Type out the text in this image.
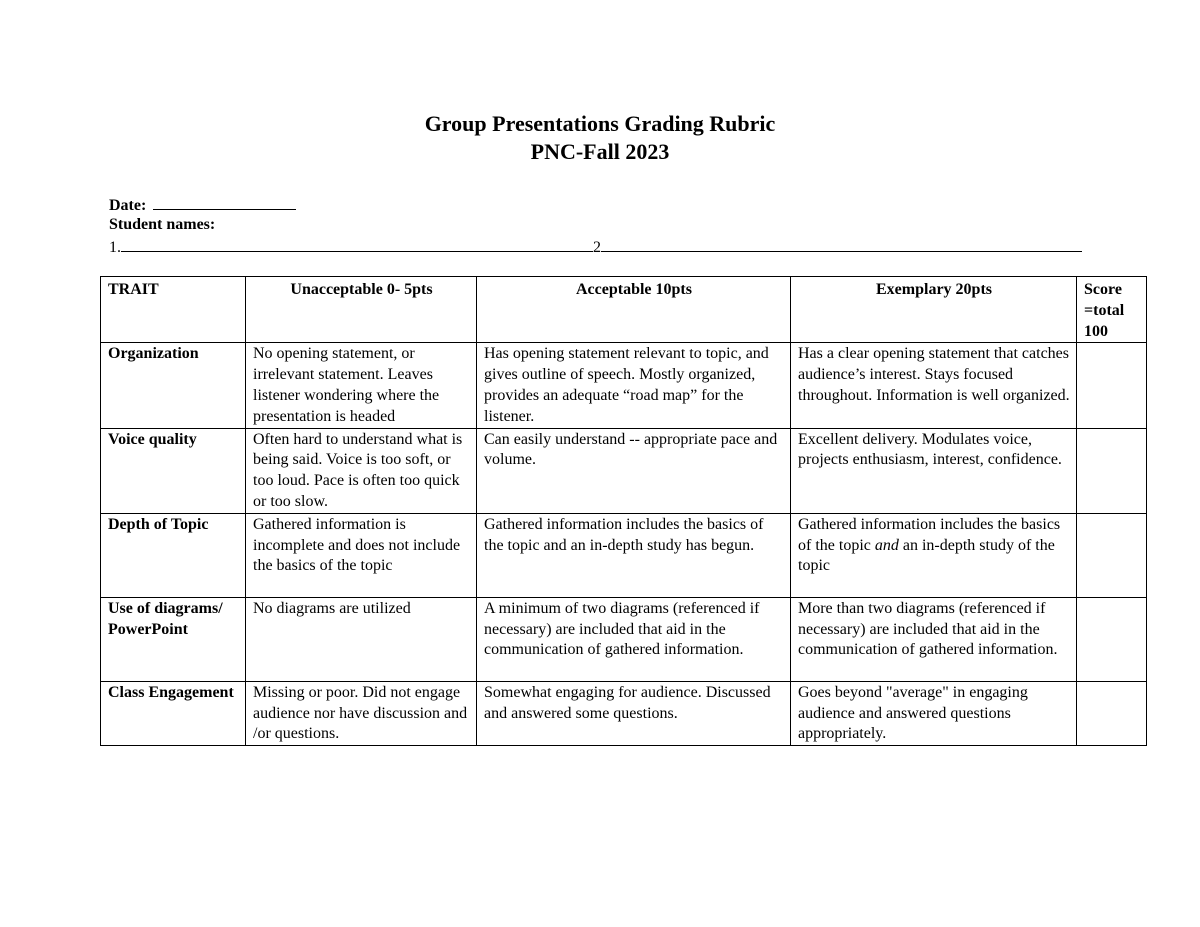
Group Presentations Grading Rubric
PNC-Fall 2023
Date:
Student names:
1.	2
TRAIT	Unacceptable 0- 5pts	Acceptable 10pts	Exemplary 20pts	Score =total 100
Organization	No opening statement, or irrelevant statement. Leaves listener wondering where the presentation is headed	Has opening statement relevant to topic, and gives outline of speech. Mostly organized, provides an adequate “road map” for the listener.	Has a clear opening statement that catches audience’s interest. Stays focused throughout. Information is well organized.	
Voice quality	Often hard to understand what is being said. Voice is too soft, or too loud. Pace is often too quick or too slow.	Can easily understand -- appropriate pace and volume.	Excellent delivery. Modulates voice, projects enthusiasm, interest, confidence.	
Depth of Topic	Gathered information is incomplete and does not include the basics of the topic	Gathered information includes the basics of the topic and an in-depth study has begun.	Gathered information includes the basics of the topic and an in-depth study of the topic	
Use of diagrams/ PowerPoint	No diagrams are utilized	A minimum of two diagrams (referenced if necessary) are included that aid in the communication of gathered information.	More than two diagrams (referenced if necessary) are included that aid in the communication of gathered information.	
Class Engagement	Missing or poor. Did not engage audience nor have discussion and /or questions.	Somewhat engaging for audience. Discussed and answered some questions.	Goes beyond "average" in engaging audience and answered questions appropriately.	
